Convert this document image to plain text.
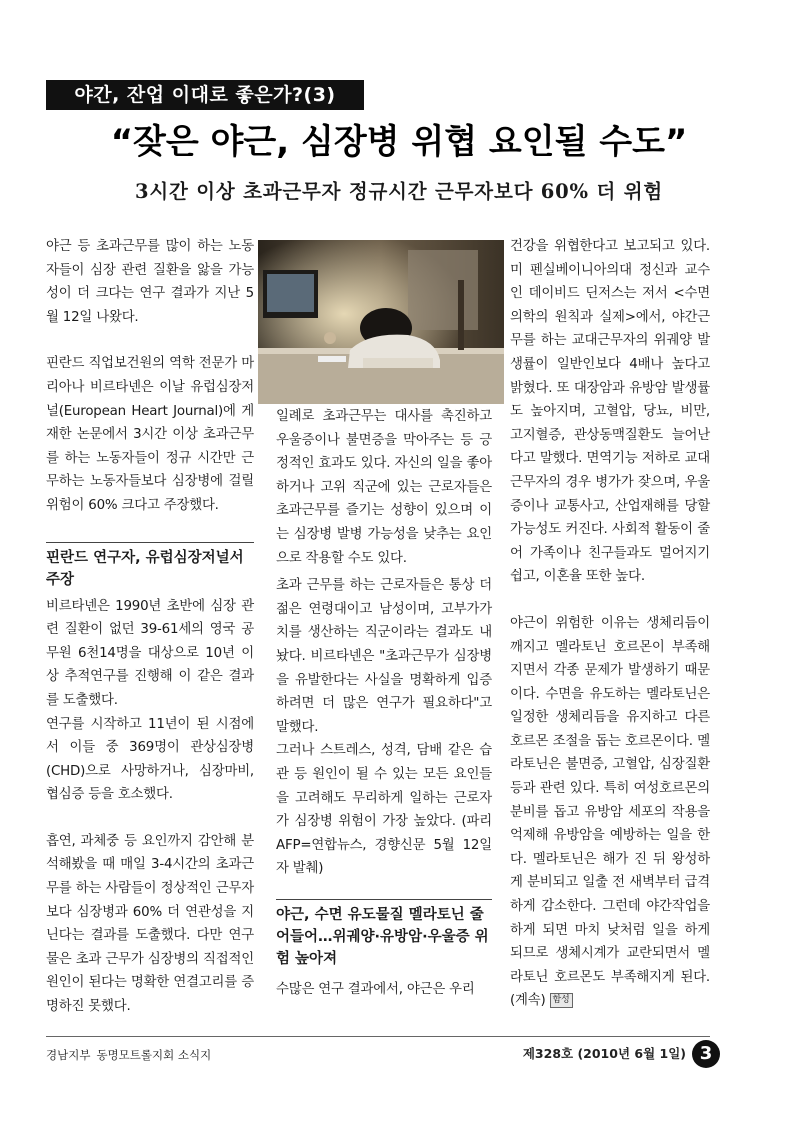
야간, 잔업 이대로 좋은가?(3)
“잦은 야근, 심장병 위협 요인될 수도”
3시간 이상 초과근무자 정규시간 근무자보다 60% 더 위험

야근 등 초과근무를 많이 하는 노동자들이 심장 관련 질환을 앓을 가능성이 더 크다는 연구 결과가 지난 5월 12일 나왔다.

핀란드 직업보건원의 역학 전문가 마리아나 비르타넨은 이날 유럽심장저널(European Heart Journal)에 게재한 논문에서 3시간 이상 초과근무를 하는 노동자들이 정규 시간만 근무하는 노동자들보다 심장병에 걸릴 위험이 60% 크다고 주장했다.

핀란드 연구자, 유럽심장저널서 주장

비르타넨은 1990년 초반에 심장 관련 질환이 없던 39-61세의 영국 공무원 6천14명을 대상으로 10년 이상 추적연구를 진행해 이 같은 결과를 도출했다.

연구를 시작하고 11년이 된 시점에서 이들 중 369명이 관상심장병(CHD)으로 사망하거나, 심장마비, 협심증 등을 호소했다.

흡연, 과체중 등 요인까지 감안해 분석해봤을 때 매일 3-4시간의 초과근무를 하는 사람들이 정상적인 근무자보다 심장병과 60% 더 연관성을 지닌다는 결과를 도출했다. 다만 연구물은 초과 근무가 심장병의 직접적인 원인이 된다는 명확한 연결고리를 증명하진 못했다.

일례로 초과근무는 대사를 촉진하고 우울증이나 불면증을 막아주는 등 긍정적인 효과도 있다. 자신의 일을 좋아하거나 고위 직군에 있는 근로자들은 초과근무를 즐기는 성향이 있으며 이는 심장병 발병 가능성을 낮추는 요인으로 작용할 수도 있다.

초과 근무를 하는 근로자들은 통상 더 젊은 연령대이고 남성이며, 고부가가치를 생산하는 직군이라는 결과도 내놨다. 비르타넨은 "초과근무가 심장병을 유발한다는 사실을 명확하게 입증하려면 더 많은 연구가 필요하다"고 말했다.

그러나 스트레스, 성격, 담배 같은 습관 등 원인이 될 수 있는 모든 요인들을 고려해도 무리하게 일하는 근로자가 심장병 위험이 가장 높았다. (파리 AFP=연합뉴스, 경향신문 5월 12일자 발췌)

야근, 수면 유도물질 멜라토닌 줄어들어…위궤양·유방암·우울증 위험 높아져

수많은 연구 결과에서, 야근은 우리

건강을 위협한다고 보고되고 있다. 미 펜실베이니아의대 정신과 교수인 데이비드 딘저스는 저서 <수면의학의 원칙과 실제>에서, 야간근무를 하는 교대근무자의 위궤양 발생률이 일반인보다 4배나 높다고 밝혔다. 또 대장암과 유방암 발생률도 높아지며, 고혈압, 당뇨, 비만, 고지혈증, 관상동맥질환도 늘어난다고 말했다. 면역기능 저하로 교대근무자의 경우 병가가 잦으며, 우울증이나 교통사고, 산업재해를 당할 가능성도 커진다. 사회적 활동이 줄어 가족이나 친구들과도 멀어지기 쉽고, 이혼율 또한 높다.

야근이 위험한 이유는 생체리듬이 깨지고 멜라토닌 호르몬이 부족해지면서 각종 문제가 발생하기 때문이다. 수면을 유도하는 멜라토닌은 일정한 생체리듬을 유지하고 다른 호르몬 조절을 돕는 호르몬이다. 멜라토닌은 불면증, 고혈압, 심장질환 등과 관련 있다. 특히 여성호르몬의 분비를 돕고 유방암 세포의 작용을 억제해 유방암을 예방하는 일을 한다. 멜라토닌은 해가 진 뒤 왕성하게 분비되고 일출 전 새벽부터 급격하게 감소한다. 그런데 야간작업을 하게 되면 마치 낮처럼 일을 하게 되므로 생체시계가 교란되면서 멜라토닌 호르몬도 부족해지게 된다. (계속) 함성

경남지부 동명모트롤지회 소식지	제328호 (2010년 6월 1일) 3
